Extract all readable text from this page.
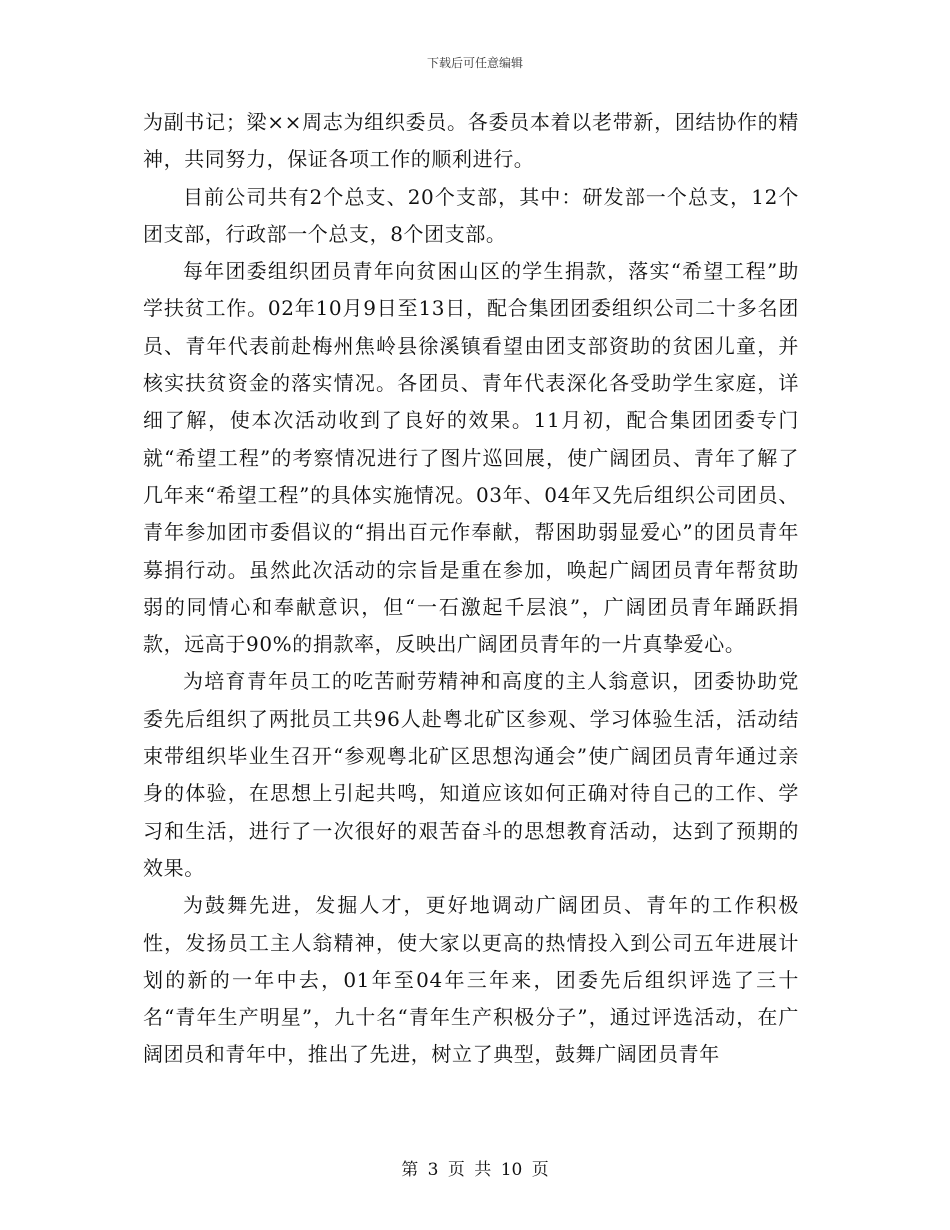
下载后可任意编辑

为副书记；梁××周志为组织委员。各委员本着以老带新，团结协作的精神，共同努力，保证各项工作的顺利进行。

目前公司共有2个总支、20个支部，其中：研发部一个总支，12个团支部，行政部一个总支，8个团支部。

每年团委组织团员青年向贫困山区的学生捐款，落实“希望工程”助学扶贫工作。02年10月9日至13日，配合集团团委组织公司二十多名团员、青年代表前赴梅州焦岭县徐溪镇看望由团支部资助的贫困儿童，并核实扶贫资金的落实情况。各团员、青年代表深化各受助学生家庭，详细了解，使本次活动收到了良好的效果。11月初，配合集团团委专门就“希望工程”的考察情况进行了图片巡回展，使广阔团员、青年了解了几年来“希望工程”的具体实施情况。03年、04年又先后组织公司团员、青年参加团市委倡议的“捐出百元作奉献，帮困助弱显爱心”的团员青年募捐行动。虽然此次活动的宗旨是重在参加，唤起广阔团员青年帮贫助弱的同情心和奉献意识，但“一石激起千层浪”，广阔团员青年踊跃捐款，远高于90%的捐款率，反映出广阔团员青年的一片真挚爱心。

为培育青年员工的吃苦耐劳精神和高度的主人翁意识，团委协助党委先后组织了两批员工共96人赴粤北矿区参观、学习体验生活，活动结束带组织毕业生召开“参观粤北矿区思想沟通会”使广阔团员青年通过亲身的体验，在思想上引起共鸣，知道应该如何正确对待自己的工作、学习和生活，进行了一次很好的艰苦奋斗的思想教育活动，达到了预期的效果。

为鼓舞先进，发掘人才，更好地调动广阔团员、青年的工作积极性，发扬员工主人翁精神，使大家以更高的热情投入到公司五年进展计划的新的一年中去，01年至04年三年来，团委先后组织评选了三十名“青年生产明星”，九十名“青年生产积极分子”，通过评选活动，在广阔团员和青年中，推出了先进，树立了典型，鼓舞广阔团员青年

第 3 页 共 10 页
